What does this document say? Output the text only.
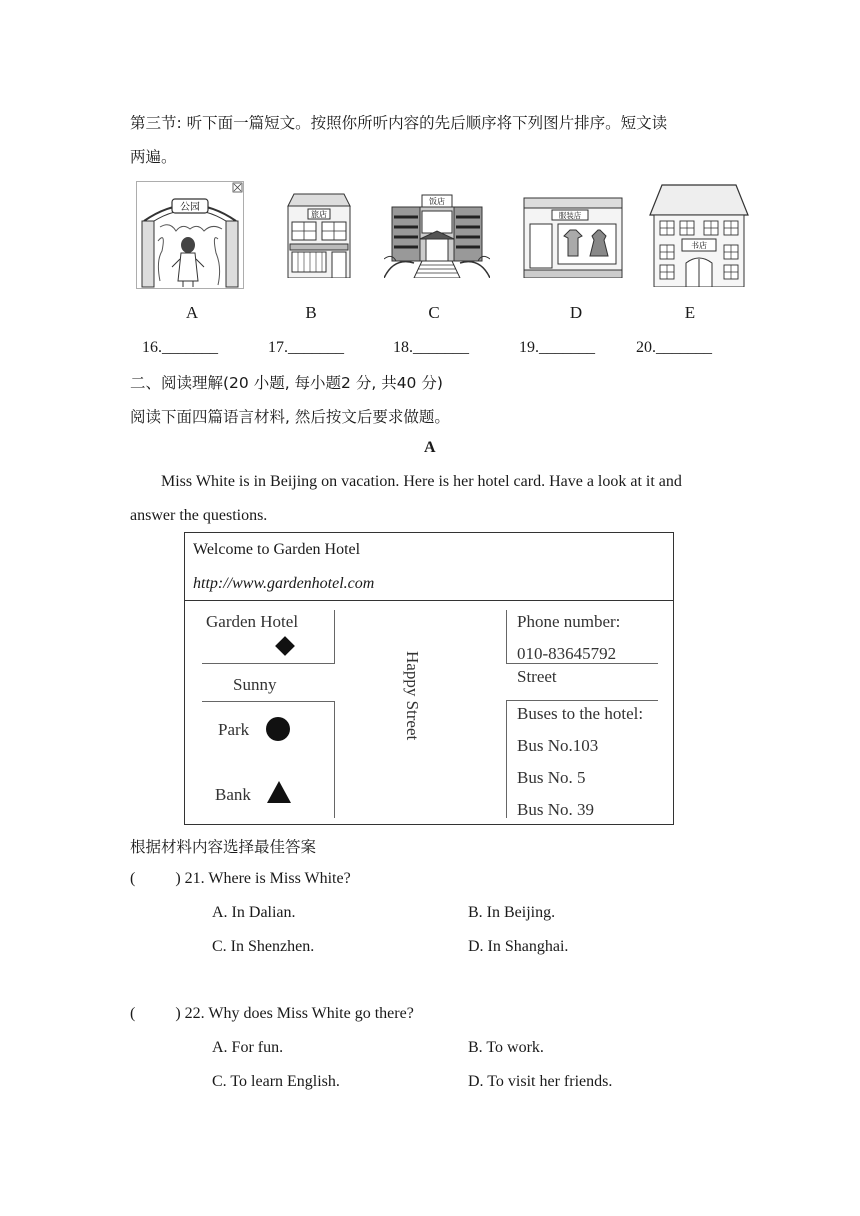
第三节: 听下面一篇短文。按照你所听内容的先后顺序将下列图片排序。短文读
两遍。
公园
旅店
饭店
服装店
书店
A	B	C	D	E
16._______	17._______	18._______	19._______	20._______
二、阅读理解(20 小题, 每小题2 分, 共40 分)
阅读下面四篇语言材料, 然后按文后要求做题。
A
Miss White is in Beijing on vacation. Here is her hotel card. Have a look at it and
answer the questions.
Welcome to Garden Hotel
http://www.gardenhotel.com
Garden Hotel
Sunny
Park
Bank
Happy Street
Phone number:
010-83645792
Street
Buses to the hotel:
Bus No.103
Bus No. 5
Bus No. 39
根据材料内容选择最佳答案
(          ) 21. Where is Miss White?
A. In Dalian.	B. In Beijing.
C. In Shenzhen.	D. In Shanghai.
(          ) 22. Why does Miss White go there?
A. For fun.	B. To work.
C. To learn English.	D. To visit her friends.
